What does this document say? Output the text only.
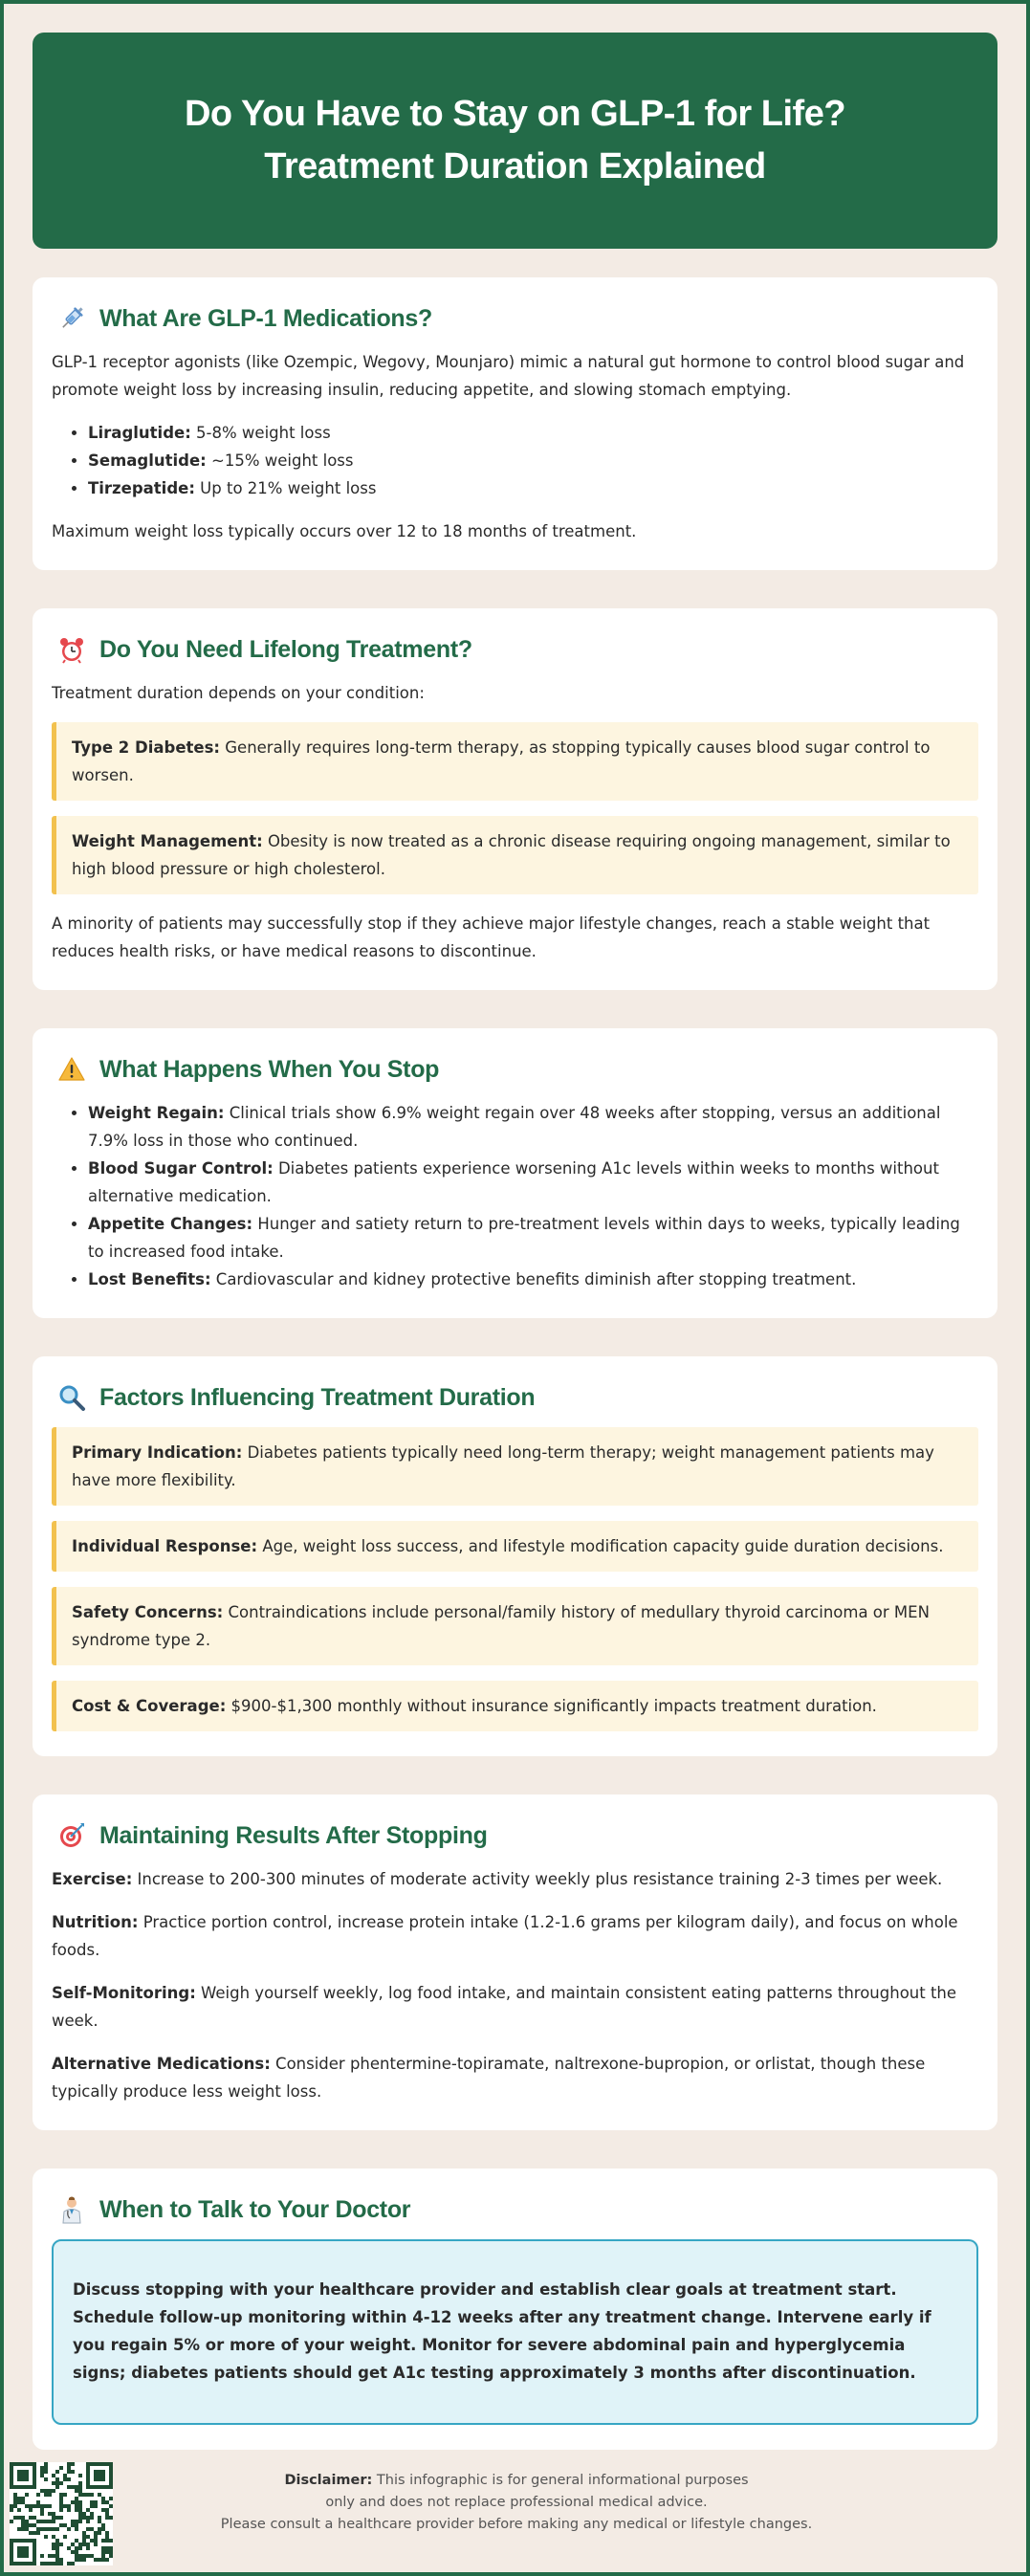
Do You Have to Stay on GLP-1 for Life? Treatment Duration Explained
What Are GLP-1 Medications?

GLP-1 receptor agonists (like Ozempic, Wegovy, Mounjaro) mimic a natural gut hormone to control blood sugar and promote weight loss by increasing insulin, reducing appetite, and slowing stomach emptying.

• Liraglutide: 5-8% weight loss
• Semaglutide: ~15% weight loss
• Tirzepatide: Up to 21% weight loss

Maximum weight loss typically occurs over 12 to 18 months of treatment.

Do You Need Lifelong Treatment?

Treatment duration depends on your condition:

Type 2 Diabetes: Generally requires long-term therapy, as stopping typically causes blood sugar control to worsen.
Weight Management: Obesity is now treated as a chronic disease requiring ongoing management, similar to high blood pressure or high cholesterol.

A minority of patients may successfully stop if they achieve major lifestyle changes, reach a stable weight that reduces health risks, or have medical reasons to discontinue.

What Happens When You Stop
• Weight Regain: Clinical trials show 6.9% weight regain over 48 weeks after stopping, versus an additional 7.9% loss in those who continued.
• Blood Sugar Control: Diabetes patients experience worsening A1c levels within weeks to months without alternative medication.
• Appetite Changes: Hunger and satiety return to pre-treatment levels within days to weeks, typically leading to increased food intake.
• Lost Benefits: Cardiovascular and kidney protective benefits diminish after stopping treatment.
Factors Influencing Treatment Duration
Primary Indication: Diabetes patients typically need long-term therapy; weight management patients may have more flexibility.
Individual Response: Age, weight loss success, and lifestyle modification capacity guide duration decisions.
Safety Concerns: Contraindications include personal/family history of medullary thyroid carcinoma or MEN syndrome type 2.
Cost & Coverage: $900-$1,300 monthly without insurance significantly impacts treatment duration.
Maintaining Results After Stopping

Exercise: Increase to 200-300 minutes of moderate activity weekly plus resistance training 2-3 times per week.

Nutrition: Practice portion control, increase protein intake (1.2-1.6 grams per kilogram daily), and focus on whole foods.

Self-Monitoring: Weigh yourself weekly, log food intake, and maintain consistent eating patterns throughout the week.

Alternative Medications: Consider phentermine-topiramate, naltrexone-bupropion, or orlistat, though these typically produce less weight loss.

When to Talk to Your Doctor
Discuss stopping with your healthcare provider and establish clear goals at treatment start. Schedule follow-up monitoring within 4-12 weeks after any treatment change. Intervene early if you regain 5% or more of your weight. Monitor for severe abdominal pain and hyperglycemia signs; diabetes patients should get A1c testing approximately 3 months after discontinuation.
Disclaimer: This infographic is for general informational purposes
only and does not replace professional medical advice.
Please consult a healthcare provider before making any medical or lifestyle changes.
